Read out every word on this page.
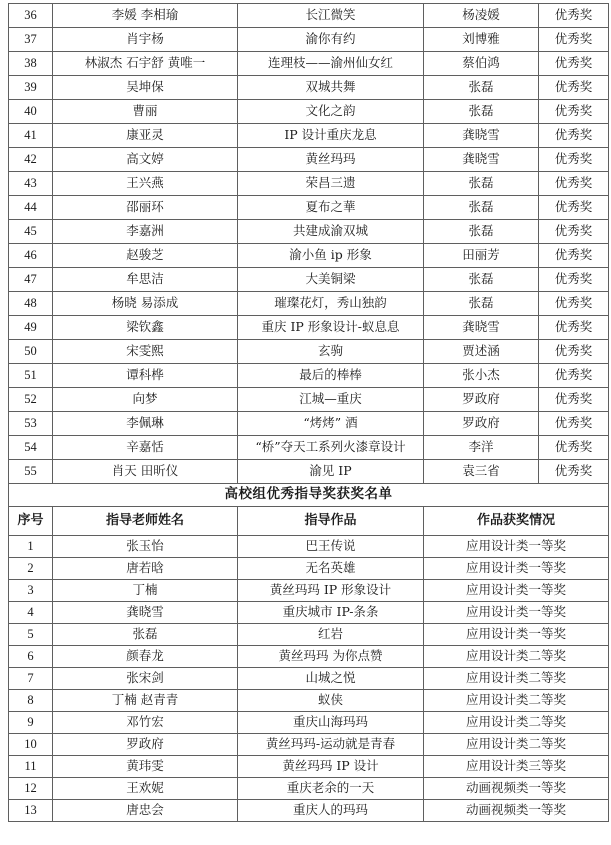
36	李媛 李相瑜	长江微笑	杨凌媛	优秀奖
37	肖宇杨	渝你有约	刘博雅	优秀奖
38	林淑杰 石宇舒 黄唯一	连理枝——渝州仙女红	蔡伯鸿	优秀奖
39	吴坤保	双城共舞	张磊	优秀奖
40	曹丽	文化之韵	张磊	优秀奖
41	康亚灵	IP 设计重庆龙息	龚晓雪	优秀奖
42	高文婷	黄丝玛玛	龚晓雪	优秀奖
43	王兴燕	荣昌三遗	张磊	优秀奖
44	邵丽环	夏布之華	张磊	优秀奖
45	李嘉洲	共建成渝双城	张磊	优秀奖
46	赵骏芝	渝小鱼 ip 形象	田丽芳	优秀奖
47	牟思洁	大美铜梁	张磊	优秀奖
48	杨晓 易添成	璀璨花灯，秀山独韵	张磊	优秀奖
49	梁钦鑫	重庆 IP 形象设计-蚁息息	龚晓雪	优秀奖
50	宋雯熙	玄驹	贾述涵	优秀奖
51	谭科桦	最后的棒棒	张小杰	优秀奖
52	向梦	江城—重庆	罗政府	优秀奖
53	李佩琳	“烤烤” 酒	罗政府	优秀奖
54	辛嘉恬	“桥”夺天工系列火漆章设计	李洋	优秀奖
55	肖天 田昕仪	渝见 IP	袁三省	优秀奖
高校组优秀指导奖获奖名单				
序号	指导老师姓名	指导作品	作品获奖情况	
1	张玉怡	巴王传说	应用设计类一等奖	
2	唐若晗	无名英雄	应用设计类一等奖	
3	丁楠	黄丝玛玛 IP 形象设计	应用设计类一等奖	
4	龚晓雪	重庆城市 IP-条条	应用设计类一等奖	
5	张磊	红岩	应用设计类一等奖	
6	颜春龙	黄丝玛玛 为你点赞	应用设计类二等奖	
7	张宋剑	山城之悦	应用设计类二等奖	
8	丁楠 赵青青	蚁侠	应用设计类二等奖	
9	邓竹宏	重庆山海玛玛	应用设计类二等奖	
10	罗政府	黄丝玛玛-运动就是青春	应用设计类二等奖	
11	黄玮雯	黄丝玛玛 IP 设计	应用设计类三等奖	
12	王欢妮	重庆老余的一天	动画视频类一等奖	
13	唐忠会	重庆人的玛玛	动画视频类一等奖	
